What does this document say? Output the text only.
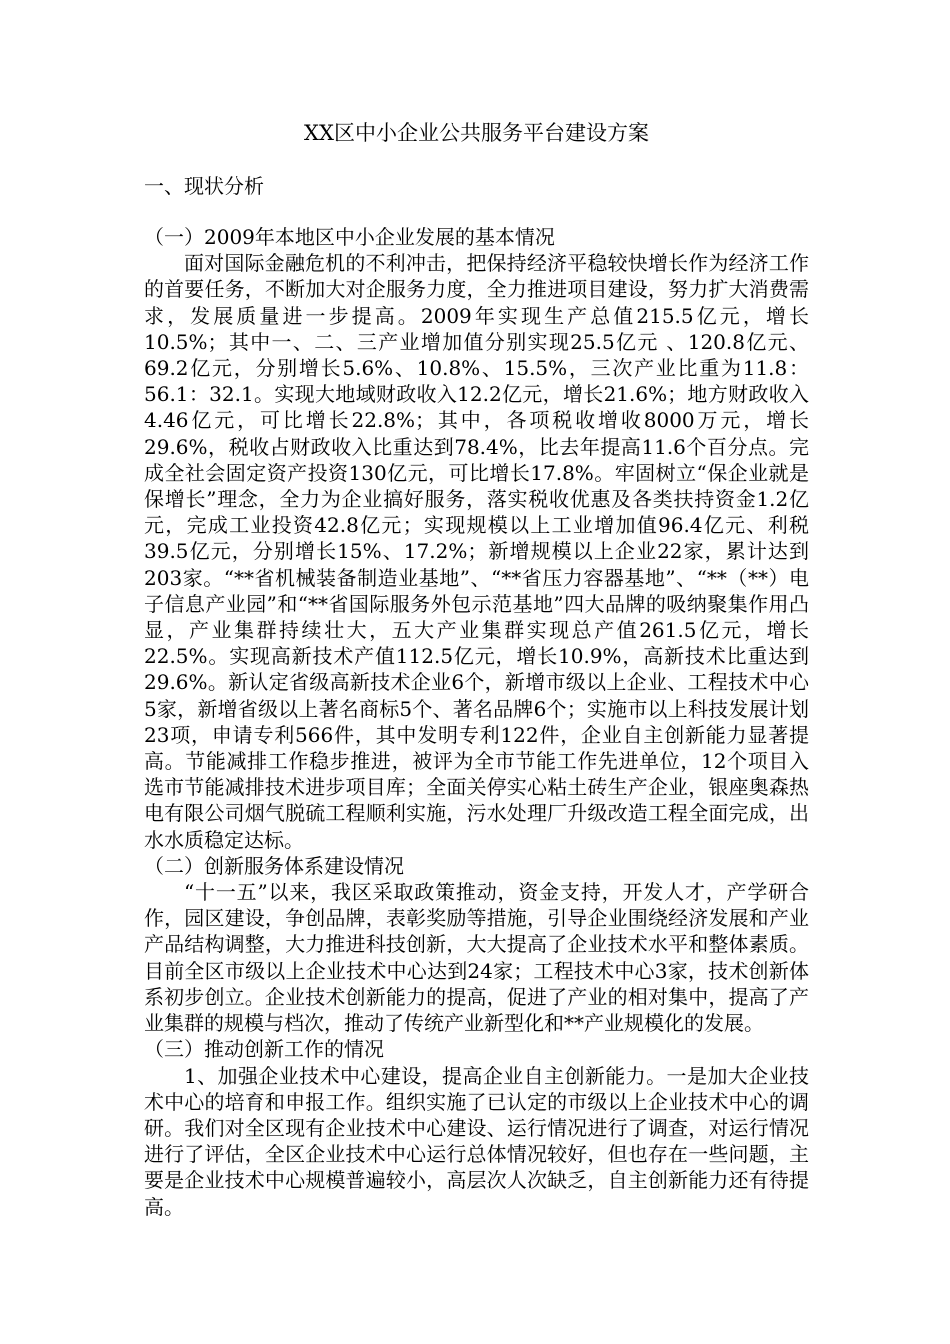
XX区中小企业公共服务平台建设方案
一、现状分析
（一）2009年本地区中小企业发展的基本情况

面对国际金融危机的不利冲击，把保持经济平稳较快增长作为经济工作的首要任务，不断加大对企服务力度，全力推进项目建设，努力扩大消费需求，发展质量进一步提高。2009年实现生产总值215.5亿元，增长10.5%；其中一、二、三产业增加值分别实现25.5亿元 、120.8亿元、69.2亿元，分别增长5.6%、10.8%、15.5%，三次产业比重为11.8：56.1：32.1。实现大地域财政收入12.2亿元，增长21.6%；地方财政收入4.46亿元，可比增长22.8%；其中，各项税收增收8000万元，增长29.6%，税收占财政收入比重达到78.4%，比去年提高11.6个百分点。完成全社会固定资产投资130亿元，可比增长17.8%。牢固树立“保企业就是保增长”理念，全力为企业搞好服务，落实税收优惠及各类扶持资金1.2亿元，完成工业投资42.8亿元；实现规模以上工业增加值96.4亿元、利税39.5亿元，分别增长15%、17.2%；新增规模以上企业22家，累计达到203家。“**省机械装备制造业基地”、“**省压力容器基地”、“**（**）电子信息产业园”和“**省国际服务外包示范基地”四大品牌的吸纳聚集作用凸显，产业集群持续壮大，五大产业集群实现总产值261.5亿元，增长22.5%。实现高新技术产值112.5亿元，增长10.9%，高新技术比重达到29.6%。新认定省级高新技术企业6个，新增市级以上企业、工程技术中心5家，新增省级以上著名商标5个、著名品牌6个；实施市以上科技发展计划23项，申请专利566件，其中发明专利122件，企业自主创新能力显著提高。节能减排工作稳步推进，被评为全市节能工作先进单位，12个项目入选市节能减排技术进步项目库；全面关停实心粘土砖生产企业，银座奥森热电有限公司烟气脱硫工程顺利实施，污水处理厂升级改造工程全面完成，出水水质稳定达标。

（二）创新服务体系建设情况

“十一五”以来，我区采取政策推动，资金支持，开发人才，产学研合作，园区建设，争创品牌，表彰奖励等措施，引导企业围绕经济发展和产业产品结构调整，大力推进科技创新，大大提高了企业技术水平和整体素质。目前全区市级以上企业技术中心达到24家；工程技术中心3家，技术创新体系初步创立。企业技术创新能力的提高，促进了产业的相对集中，提高了产业集群的规模与档次，推动了传统产业新型化和**产业规模化的发展。

（三）推动创新工作的情况

1、加强企业技术中心建设，提高企业自主创新能力。一是加大企业技术中心的培育和申报工作。组织实施了已认定的市级以上企业技术中心的调研。我们对全区现有企业技术中心建设、运行情况进行了调查，对运行情况进行了评估，全区企业技术中心运行总体情况较好，但也存在一些问题，主要是企业技术中心规模普遍较小，高层次人次缺乏，自主创新能力还有待提高。
